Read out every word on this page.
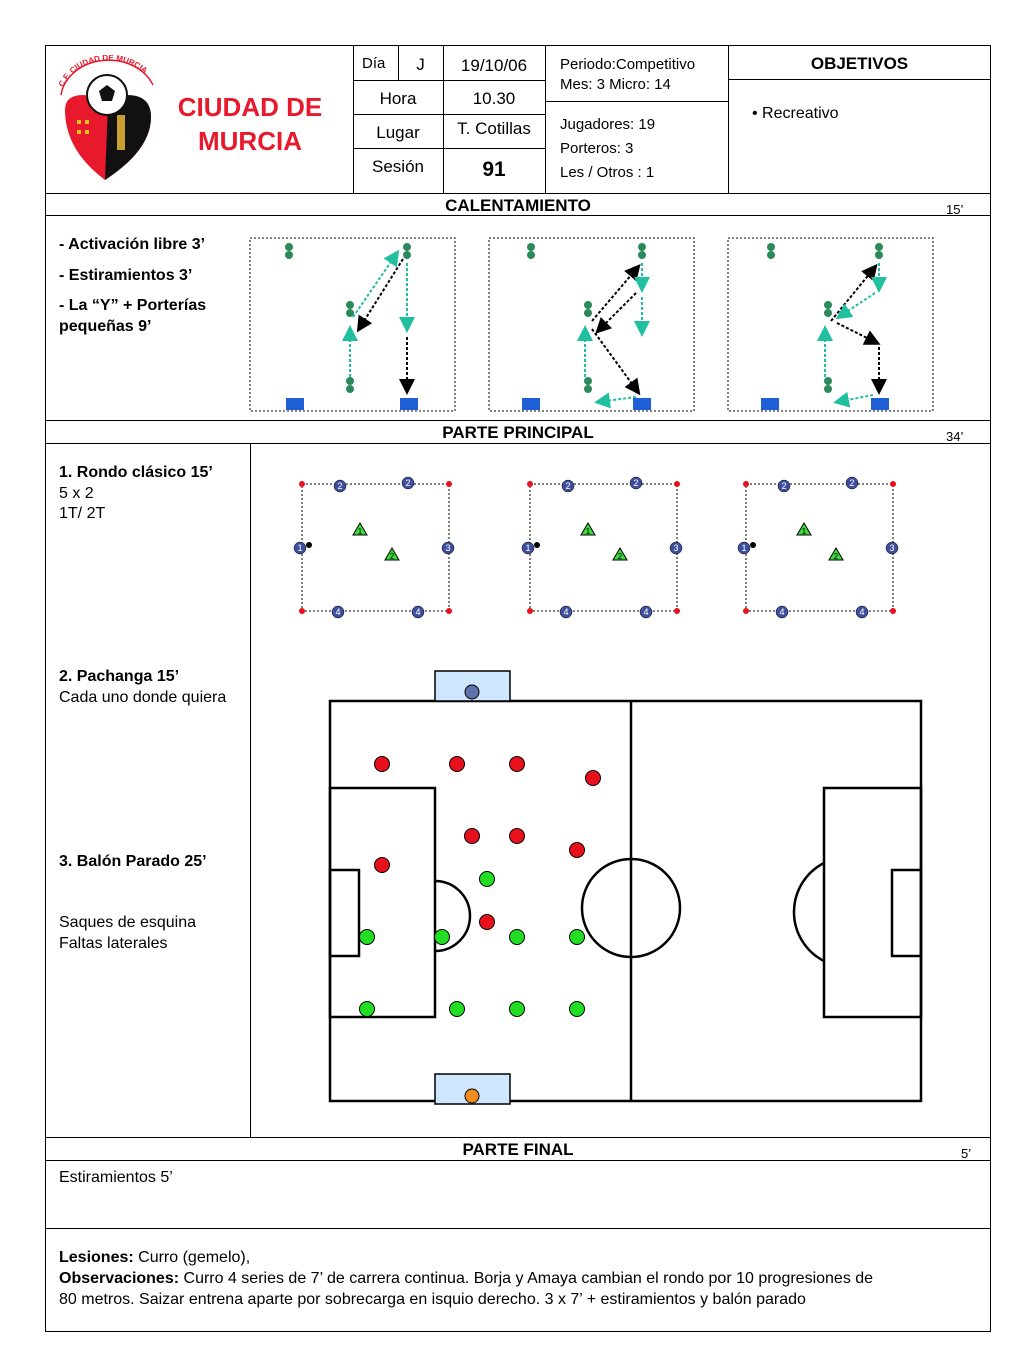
C.F. CIUDAD DE MURCIA
CIUDAD DE
MURCIA
Día	J	19/10/06
Hora	10.30
Lugar	T. Cotillas
Sesión	91
Periodo:Competitivo
Mes: 3 Micro: 14
Jugadores: 19
Porteros: 3
Les / Otros : 1
OBJETIVOS
• Recreativo
CALENTAMIENTO	15’
- Activación libre 3’
- Estiramientos 3’
- La “Y” + Porterías
pequeñas 9’
PARTE PRINCIPAL	34’
1. Rondo clásico 15’
5 x 2
1T/ 2T
2. Pachanga 15’
Cada uno donde quiera
3. Balón Parado 25’
Saques de esquina
Faltas laterales
2	2
1	3
4	4
1
2
2	2
1	3
4	4
1
2
2	2
1	3
4	4
1
2
PARTE FINAL	5’
Estiramientos 5’
Lesiones: Curro (gemelo),
Observaciones: Curro 4 series de 7’ de carrera continua. Borja y Amaya cambian el rondo por 10 progresiones de
80 metros. Saizar entrena aparte por sobrecarga en isquio derecho. 3 x 7’ + estiramientos y balón parado
